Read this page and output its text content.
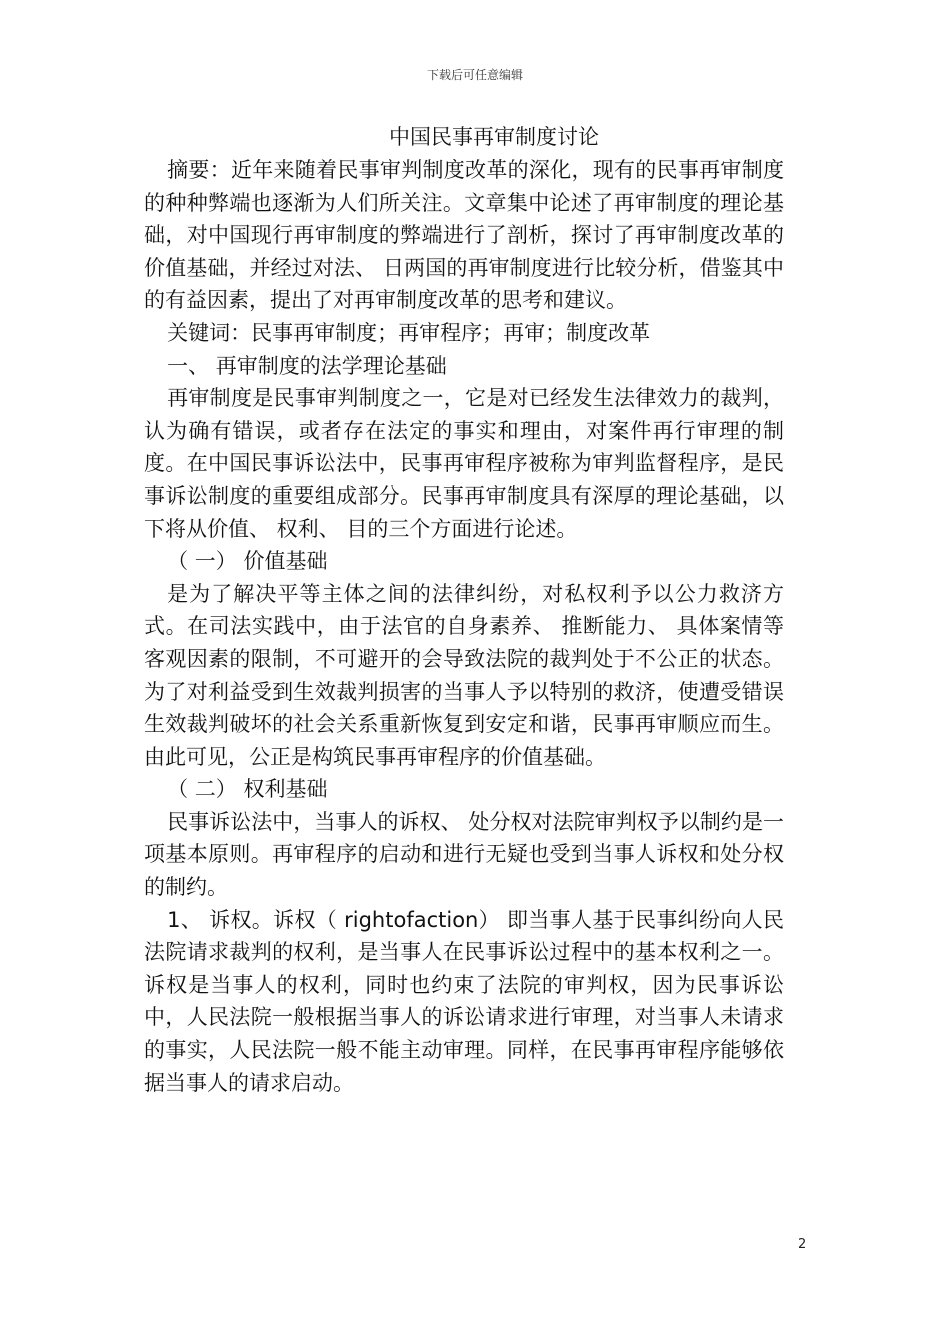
下载后可任意编辑
中国民事再审制度讨论

摘要：近年来随着民事审判制度改革的深化，现有的民事再审制度的种种弊端也逐渐为人们所关注。文章集中论述了再审制度的理论基础，对中国现行再审制度的弊端进行了剖析，探讨了再审制度改革的价值基础，并经过对法、 日两国的再审制度进行比较分析，借鉴其中的有益因素，提出了对再审制度改革的思考和建议。

关键词：民事再审制度；再审程序；再审；制度改革

一、 再审制度的法学理论基础

再审制度是民事审判制度之一，它是对已经发生法律效力的裁判，认为确有错误，或者存在法定的事实和理由，对案件再行审理的制度。在中国民事诉讼法中，民事再审程序被称为审判监督程序，是民事诉讼制度的重要组成部分。民事再审制度具有深厚的理论基础，以下将从价值、 权利、 目的三个方面进行论述。

（ 一） 价值基础

是为了解决平等主体之间的法律纠纷，对私权利予以公力救济方式。在司法实践中，由于法官的自身素养、 推断能力、 具体案情等客观因素的限制，不可避开的会导致法院的裁判处于不公正的状态。为了对利益受到生效裁判损害的当事人予以特别的救济，使遭受错误生效裁判破坏的社会关系重新恢复到安定和谐，民事再审顺应而生。由此可见，公正是构筑民事再审程序的价值基础。

（ 二） 权利基础

民事诉讼法中，当事人的诉权、 处分权对法院审判权予以制约是一项基本原则。再审程序的启动和进行无疑也受到当事人诉权和处分权的制约。

1、 诉权。诉权（ rightofaction） 即当事人基于民事纠纷向人民法院请求裁判的权利，是当事人在民事诉讼过程中的基本权利之一。诉权是当事人的权利，同时也约束了法院的审判权，因为民事诉讼中，人民法院一般根据当事人的诉讼请求进行审理，对当事人未请求的事实，人民法院一般不能主动审理。同样，在民事再审程序能够依据当事人的请求启动。

2
